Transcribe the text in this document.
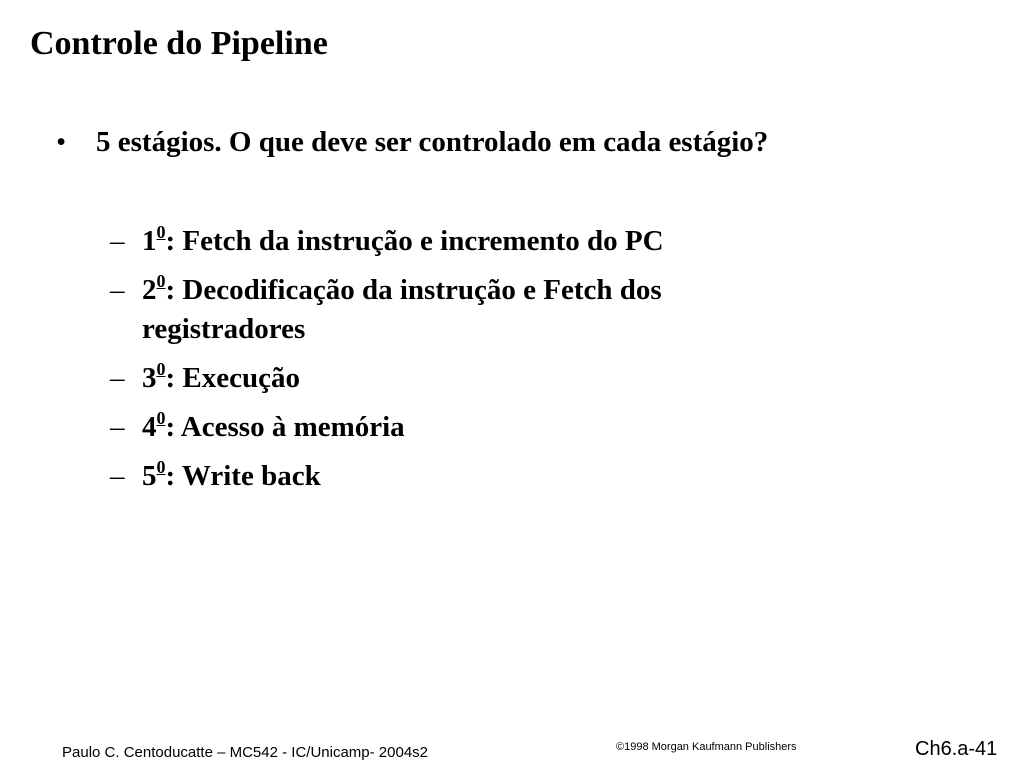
Controle do Pipeline
• 5 estágios. O que deve ser controlado em cada estágio?
– $1^0$: Fetch da instrução e incremento do PC
– $2^0$: Decodificação da instrução e Fetch dos registradores
– $3^0$: Execução
– $4^0$: Acesso à memória
– $5^0$: Write back
Paulo C. Centoducatte – MC542 - IC/Unicamp- 2004s2	©1998 Morgan Kaufmann Publishers	Ch6.a-41
